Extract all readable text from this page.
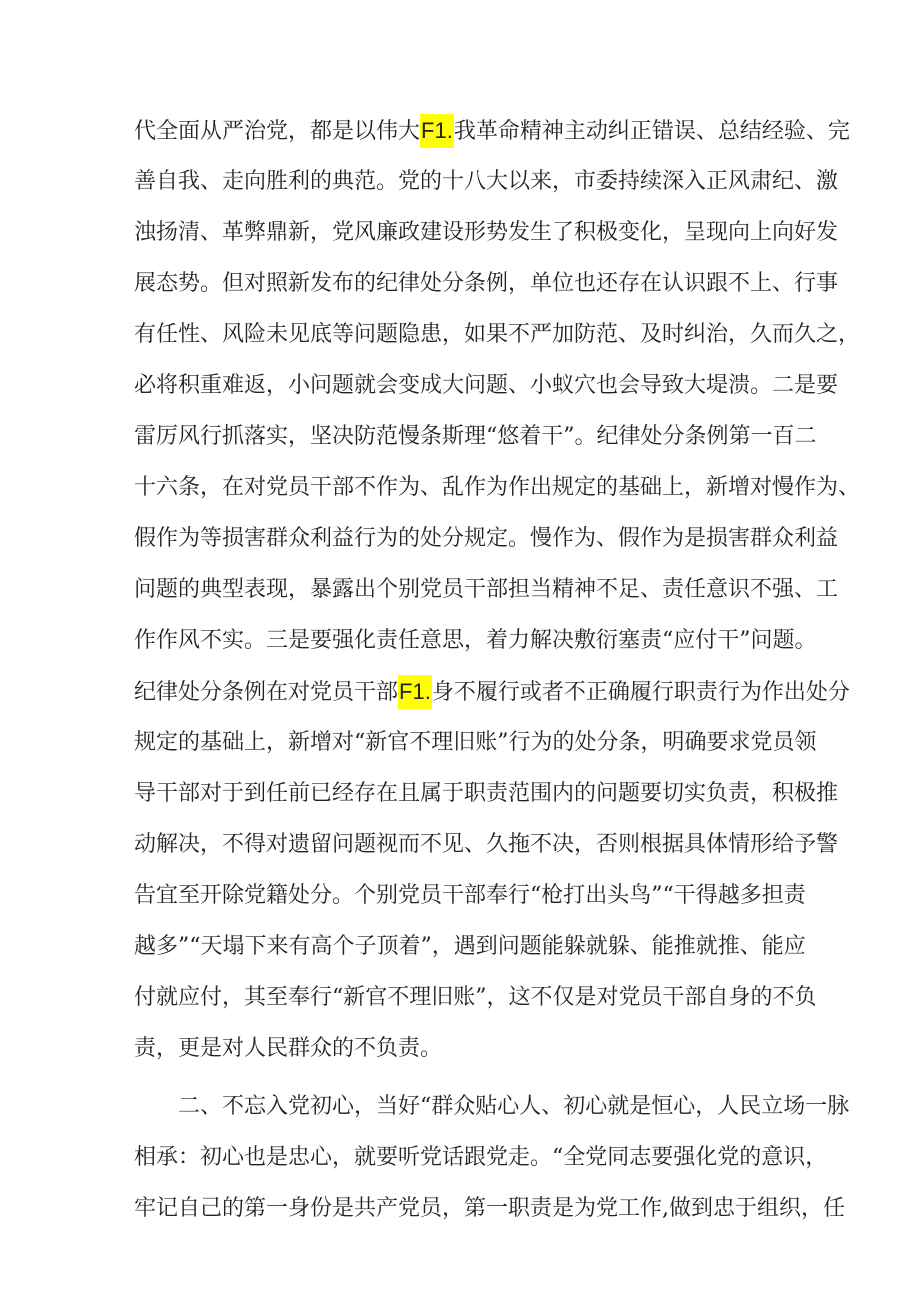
代全面从严治党，都是以伟大F1.我革命精神主动纠正错误、总结经验、完
善自我、走向胜利的典范。党的十八大以来，市委持续深入正风肃纪、激
浊扬清、革弊鼎新，党风廉政建设形势发生了积极变化，呈现向上向好发
展态势。但对照新发布的纪律处分条例，单位也还存在认识跟不上、行事
有任性、风险未见底等问题隐患，如果不严加防范、及时纠治，久而久之，
必将积重难返，小问题就会变成大问题、小蚁穴也会导致大堤溃。二是要
雷厉风行抓落实，坚决防范慢条斯理“悠着干”。纪律处分条例第一百二
十六条，在对党员干部不作为、乱作为作出规定的基础上，新增对慢作为、
假作为等损害群众利益行为的处分规定。慢作为、假作为是损害群众利益
问题的典型表现，暴露出个别党员干部担当精神不足、责任意识不强、工
作作风不实。三是要强化责任意思，着力解决敷衍塞责“应付干”问题。
纪律处分条例在对党员干部F1.身不履行或者不正确履行职责行为作出处分
规定的基础上，新增对“新官不理旧账”行为的处分条，明确要求党员领
导干部对于到任前已经存在且属于职责范围内的问题要切实负责，积极推
动解决，不得对遗留问题视而不见、久拖不决，否则根据具体情形给予警
告宜至开除党籍处分。个别党员干部奉行“枪打出头鸟”“干得越多担责
越多”“天塌下来有高个子顶着”，遇到问题能躲就躲、能推就推、能应
付就应付，其至奉行“新官不理旧账”，这不仅是对党员干部自身的不负
责，更是对人民群众的不负责。
二、不忘入党初心，当好“群众贴心人、初心就是恒心，人民立场一脉
相承：初心也是忠心，就要听党话跟党走。“全党同志要强化党的意识，
牢记自己的第一身份是共产党员，第一职责是为党工作,做到忠于组织，任
